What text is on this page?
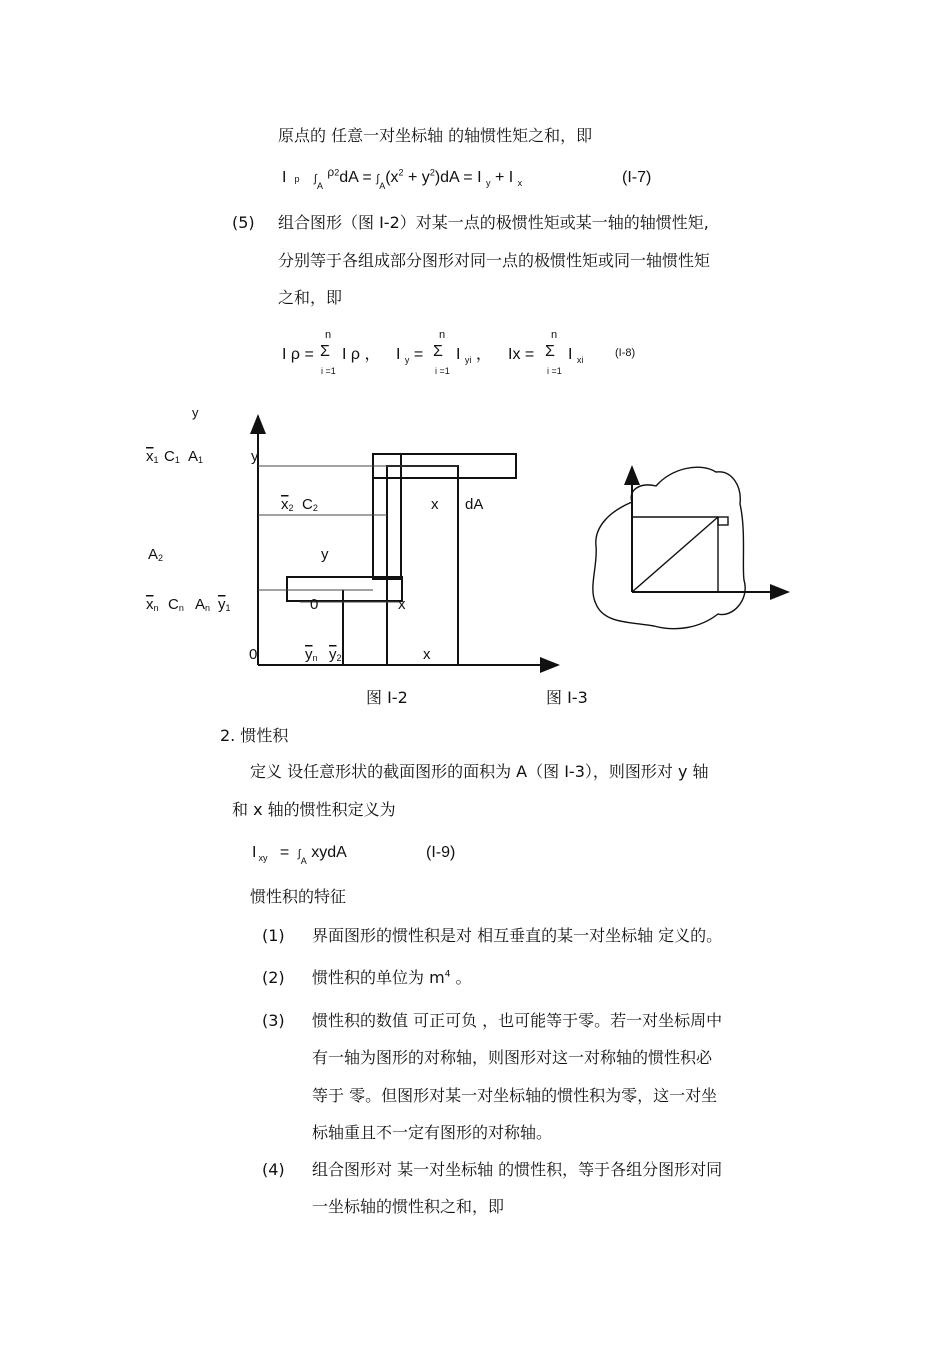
原点的 任意一对坐标轴 的轴惯性矩之和，即
Ip $\int_A$ $^{\rho 2}dA = \int_A(x^2 + y^2)dA = I$ $_y$ + I $_x$	(I-7)
(5) 组合图形（图 I-2）对某一点的极惯性矩或某一轴的轴惯性矩,
分别等于各组成部分图形对同一点的极惯性矩或同一轴惯性矩
之和，即
I ρ =
n
Σ
i =1
I ρ ， I $_y$ =
n
Σ
i =1
I $_{yi}$ ， Ix =
n
Σ
i =1
I $_{xi}$
(I-8)
y
x1 C1 A1	y
x2 C2	x dA
A2	y
xn Cn An y1	0	x
0	yn y2	x
图 I-2	图 I-3
2. 惯性积
定义 设任意形状的截面图形的面积为 A（图 I-3），则图形对 y 轴
和 x 轴的惯性积定义为
I $_{xy} = \int_A$ xydA	(I-9)
惯性积的特征
(1) 界面图形的惯性积是对 相互垂直的某一对坐标轴 定义的。
(2) 惯性积的单位为 $m^4$ 。
(3) 惯性积的数值 可正可负 ，也可能等于零。若一对坐标周中
有一轴为图形的对称轴，则图形对这一对称轴的惯性积必
等于 零。但图形对某一对坐标轴的惯性积为零，这一对坐
标轴重且不一定有图形的对称轴。
(4) 组合图形对 某一对坐标轴 的惯性积，等于各组分图形对同
一坐标轴的惯性积之和，即
